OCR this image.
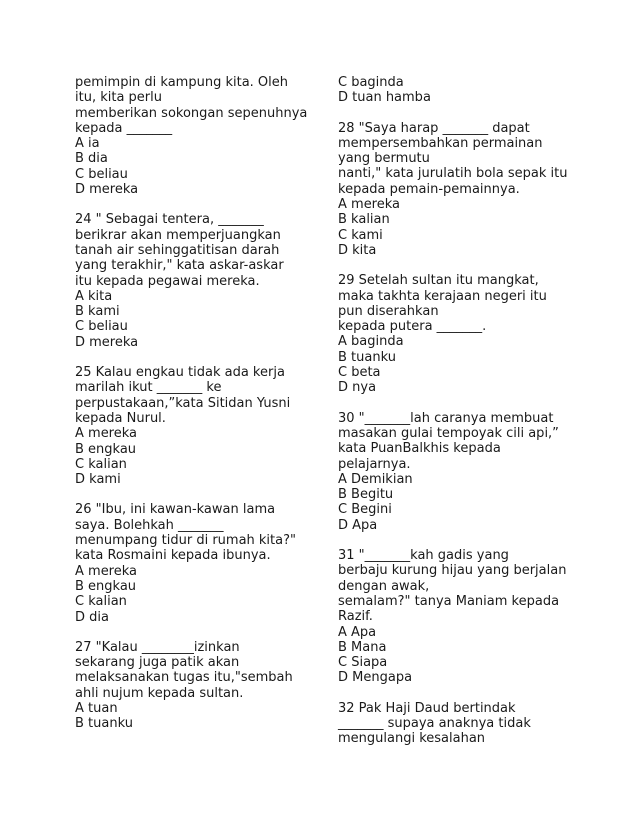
pemimpin di kampung kita. Oleh
itu, kita perlu
memberikan sokongan sepenuhnya
kepada _______
A ia
B dia
C beliau
D mereka
24 " Sebagai tentera, _______
berikrar akan memperjuangkan
tanah air sehinggatitisan darah
yang terakhir," kata askar-askar
itu kepada pegawai mereka.
A kita
B kami
C beliau
D mereka
25 Kalau engkau tidak ada kerja
marilah ikut _______ ke
perpustakaan,”kata Sitidan Yusni
kepada Nurul.
A mereka
B engkau
C kalian
D kami
26 "Ibu, ini kawan-kawan lama
saya. Bolehkah _______
menumpang tidur di rumah kita?"
kata Rosmaini kepada ibunya.
A mereka
B engkau
C kalian
D dia
27 "Kalau ________izinkan
sekarang juga patik akan
melaksanakan tugas itu,"sembah
ahli nujum kepada sultan.
A tuan
B tuanku
C baginda
D tuan hamba
28 "Saya harap _______ dapat
mempersembahkan permainan
yang bermutu
nanti," kata jurulatih bola sepak itu
kepada pemain-pemainnya.
A mereka
B kalian
C kami
D kita
29 Setelah sultan itu mangkat,
maka takhta kerajaan negeri itu
pun diserahkan
kepada putera _______.
A baginda
B tuanku
C beta
D nya
30 "_______lah caranya membuat
masakan gulai tempoyak cili api,”
kata PuanBalkhis kepada
pelajarnya.
A Demikian
B Begitu
C Begini
D Apa
31 "_______kah gadis yang
berbaju kurung hijau yang berjalan
dengan awak,
semalam?" tanya Maniam kepada
Razif.
A Apa
B Mana
C Siapa
D Mengapa
32 Pak Haji Daud bertindak
_______ supaya anaknya tidak
mengulangi kesalahan
